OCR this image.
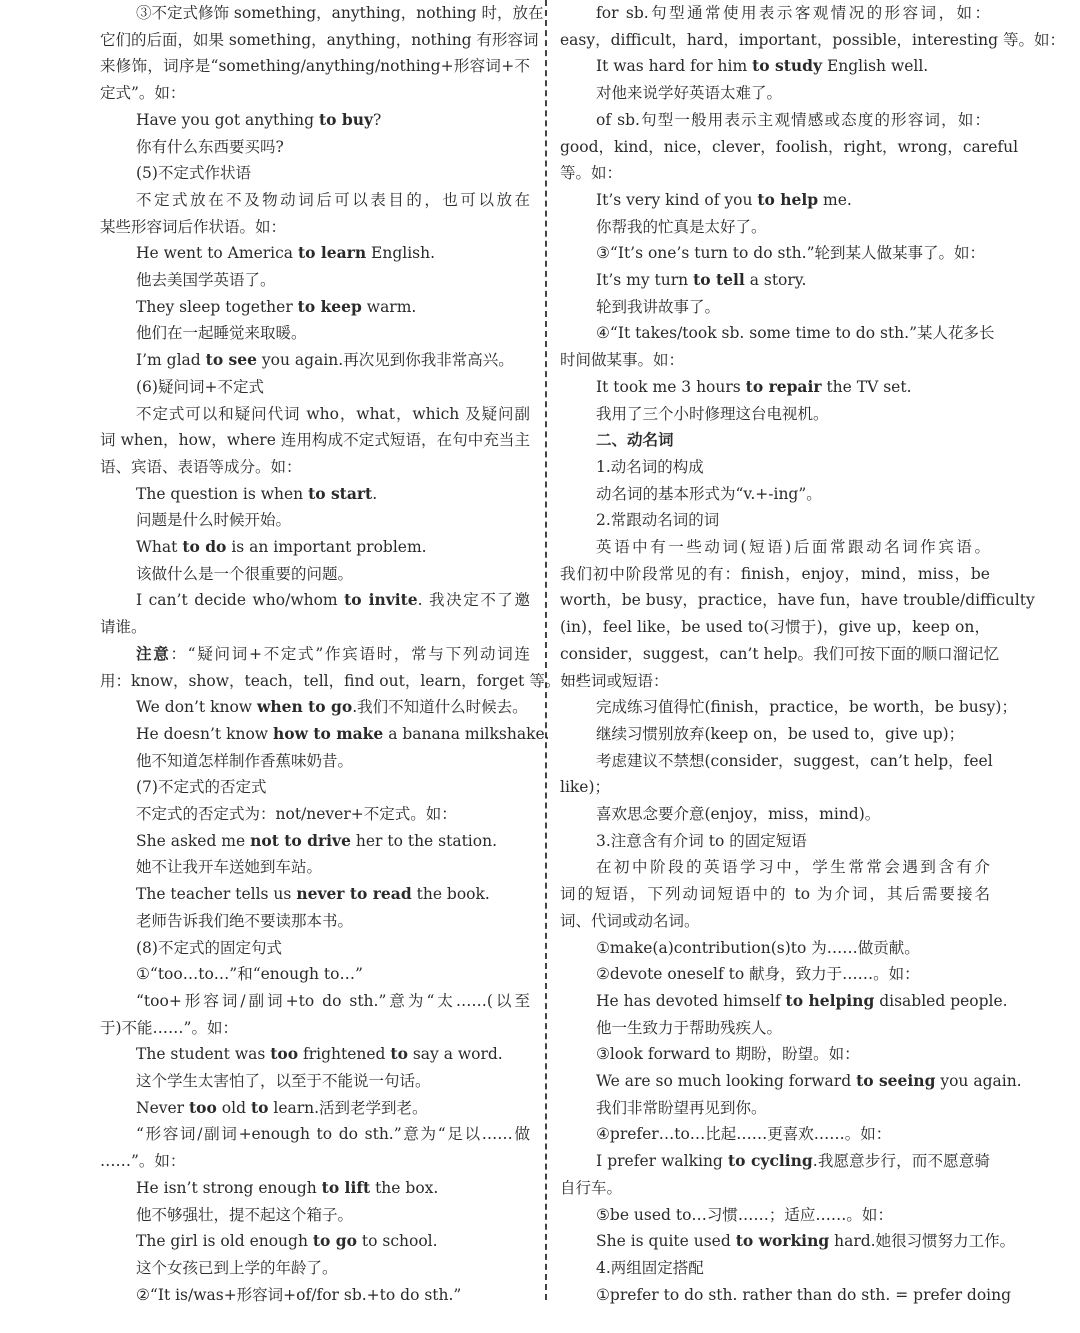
③不定式修饰 something，anything，nothing 时，放在
它们的后面，如果 something，anything，nothing 有形容词
来修饰，词序是“something/anything/nothing+形容词+不
定式”。如：
Have you got anything to buy?
你有什么东西要买吗?
(5)不定式作状语
不定式放在不及物动词后可以表目的，也可以放在
某些形容词后作状语。如：
He went to America to learn English.
他去美国学英语了。
They sleep together to keep warm.
他们在一起睡觉来取暖。
I’m glad to see you again.再次见到你我非常高兴。
(6)疑问词+不定式
不定式可以和疑问代词 who，what，which 及疑问副
词 when，how，where 连用构成不定式短语，在句中充当主
语、宾语、表语等成分。如：
The question is when to start.
问题是什么时候开始。
What to do is an important problem.
该做什么是一个很重要的问题。
I can’t decide who/whom to invite. 我决定不了邀
请谁。
注意：“疑问词+不定式”作宾语时，常与下列动词连
用：know，show，teach，tell，find out，learn，forget 等。如：
We don’t know when to go.我们不知道什么时候去。
He doesn’t know how to make a banana milkshake.
他不知道怎样制作香蕉味奶昔。
(7)不定式的否定式
不定式的否定式为：not/never+不定式。如：
She asked me not to drive her to the station.
她不让我开车送她到车站。
The teacher tells us never to read the book.
老师告诉我们绝不要读那本书。
(8)不定式的固定句式
①“too…to…”和“enough to…”
“too+形容词/副词+to do sth.”意为“太……(以至
于)不能……”。如：
The student was too frightened to say a word.
这个学生太害怕了，以至于不能说一句话。
Never too old to learn.活到老学到老。
“形容词/副词+enough to do sth.”意为“足以……做
……”。如：
He isn’t strong enough to lift the box.
他不够强壮，提不起这个箱子。
The girl is old enough to go to school.
这个女孩已到上学的年龄了。
②“It is/was+形容词+of/for sb.+to do sth.”
for sb.句型通常使用表示客观情况的形容词，如：
easy，difficult，hard，important，possible，interesting 等。如：
It was hard for him to study English well.
对他来说学好英语太难了。
of sb.句型一般用表示主观情感或态度的形容词，如：
good，kind，nice，clever，foolish，right，wrong，careful
等。如：
It’s very kind of you to help me.
你帮我的忙真是太好了。
③“It’s one’s turn to do sth.”轮到某人做某事了。如：
It’s my turn to tell a story.
轮到我讲故事了。
④“It takes/took sb. some time to do sth.”某人花多长
时间做某事。如：
It took me 3 hours to repair the TV set.
我用了三个小时修理这台电视机。
二、动名词
1.动名词的构成
动名词的基本形式为“v.+-ing”。
2.常跟动名词的词
英语中有一些动词(短语)后面常跟动名词作宾语。
我们初中阶段常见的有：finish，enjoy，mind，miss，be
worth，be busy，practice，have fun，have trouble/difficulty
(in)，feel like，be used to(习惯于)，give up，keep on，
consider，suggest，can’t help。我们可按下面的顺口溜记忆
一些词或短语：
完成练习值得忙(finish，practice，be worth，be busy)；
继续习惯别放弃(keep on，be used to，give up)；
考虑建议不禁想(consider，suggest，can’t help，feel
like)；
喜欢思念要介意(enjoy，miss，mind)。
3.注意含有介词 to 的固定短语
在初中阶段的英语学习中，学生常常会遇到含有介
词的短语，下列动词短语中的 to 为介词，其后需要接名
词、代词或动名词。
①make(a)contribution(s)to 为……做贡献。
②devote oneself to 献身，致力于……。如：
He has devoted himself to helping disabled people.
他一生致力于帮助残疾人。
③look forward to 期盼，盼望。如：
We are so much looking forward to seeing you again.
我们非常盼望再见到你。
④prefer…to…比起……更喜欢……。如：
I prefer walking to cycling.我愿意步行，而不愿意骑
自行车。
⑤be used to…习惯……；适应……。如：
She is quite used to working hard.她很习惯努力工作。
4.两组固定搭配
①prefer to do sth. rather than do sth. = prefer doing
